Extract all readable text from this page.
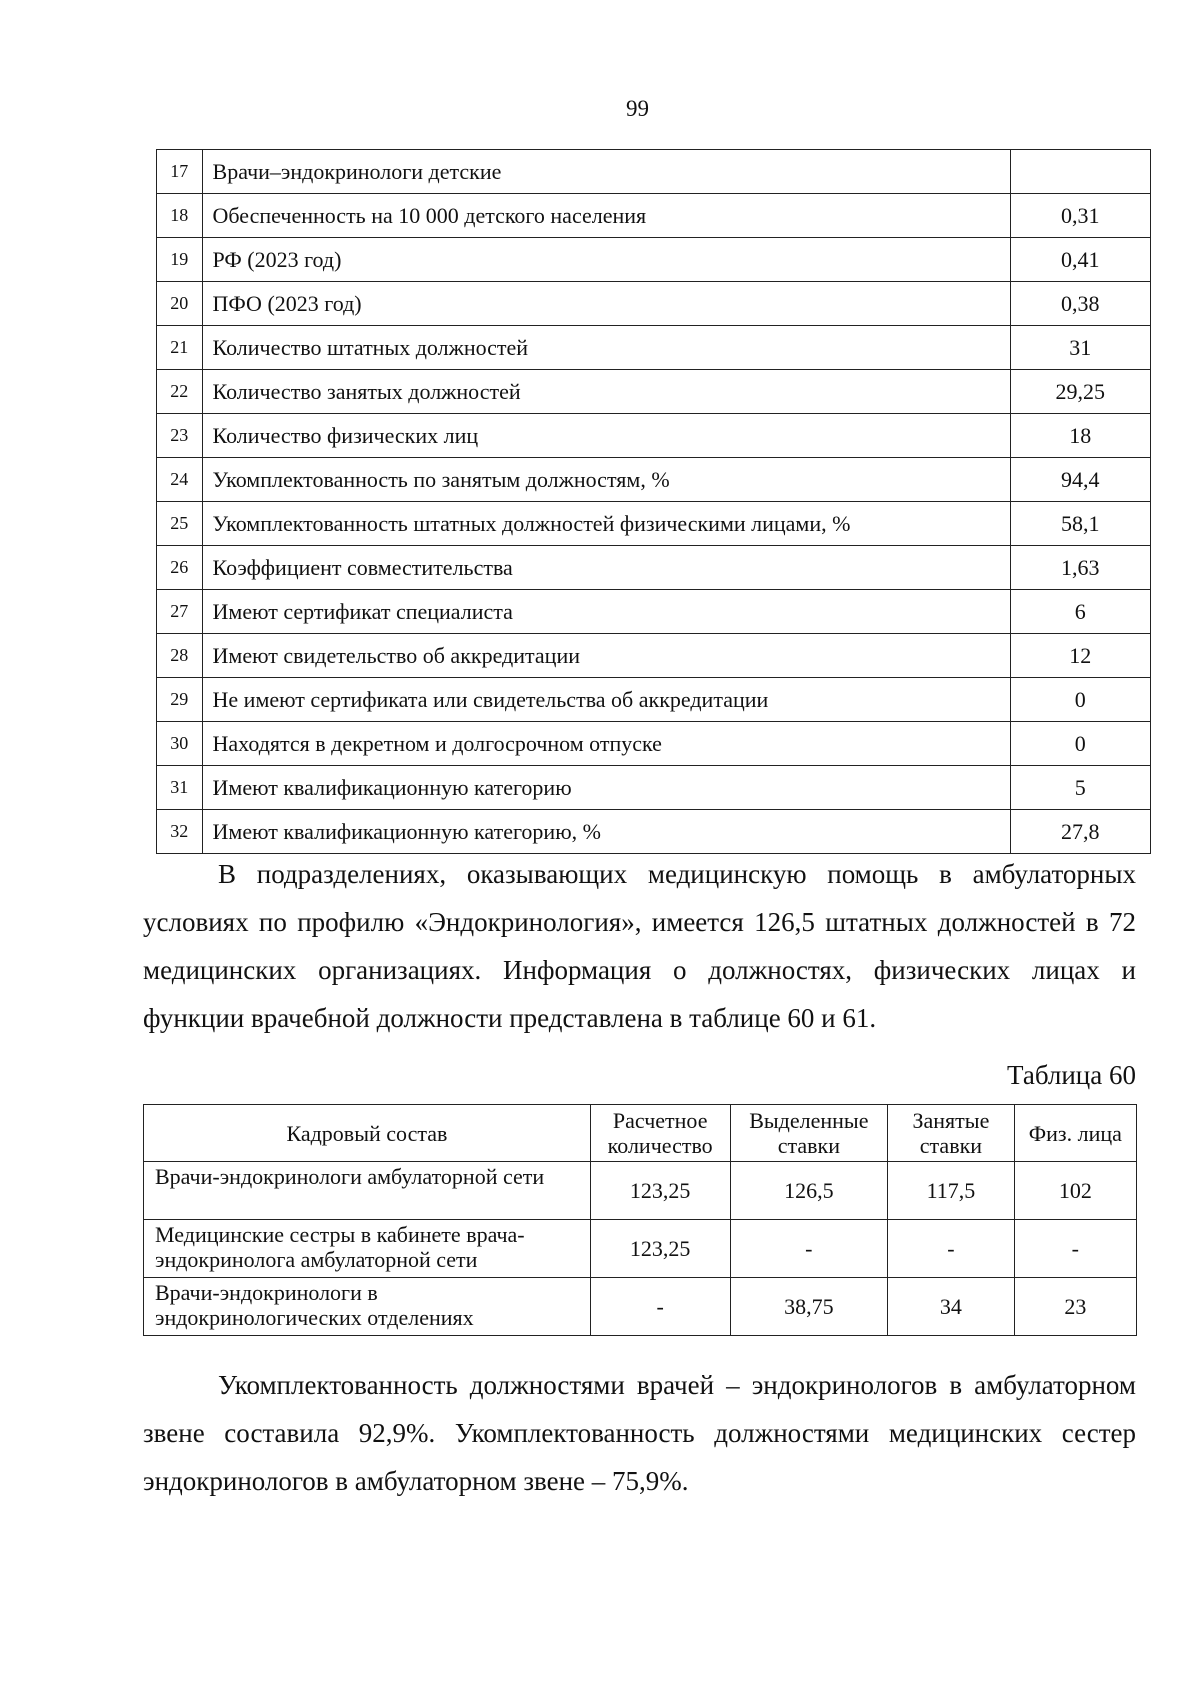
99
17	Врачи–эндокринологи детские	
18	Обеспеченность на 10 000 детского населения	0,31
19	РФ (2023 год)	0,41
20	ПФО (2023 год)	0,38
21	Количество штатных должностей	31
22	Количество занятых должностей	29,25
23	Количество физических лиц	18
24	Укомплектованность по занятым должностям, %	94,4
25	Укомплектованность штатных должностей физическими лицами, %	58,1
26	Коэффициент совместительства	1,63
27	Имеют сертификат специалиста	6
28	Имеют свидетельство об аккредитации	12
29	Не имеют сертификата или свидетельства об аккредитации	0
30	Находятся в декретном и долгосрочном отпуске	0
31	Имеют квалификационную категорию	5
32	Имеют квалификационную категорию, %	27,8

В подразделениях, оказывающих медицинскую помощь в амбулаторных условиях по профилю «Эндокринология», имеется 126,5 штатных должностей в 72 медицинских организациях. Информация о должностях, физических лицах и функции врачебной должности представлена в таблице 60 и 61.

Таблица 60
Кадровый состав	Расчетное количество	Выделенные ставки	Занятые ставки	Физ. лица
Врачи-эндокринологи амбулаторной сети	123,25	126,5	117,5	102
Медицинские сестры в кабинете врача-эндокринолога амбулаторной сети	123,25	-	-	-
Врачи-эндокринологи в эндокринологических отделениях	-	38,75	34	23

Укомплектованность должностями врачей – эндокринологов в амбулаторном звене составила 92,9%. Укомплектованность должностями медицинских сестер эндокринологов в амбулаторном звене – 75,9%.
